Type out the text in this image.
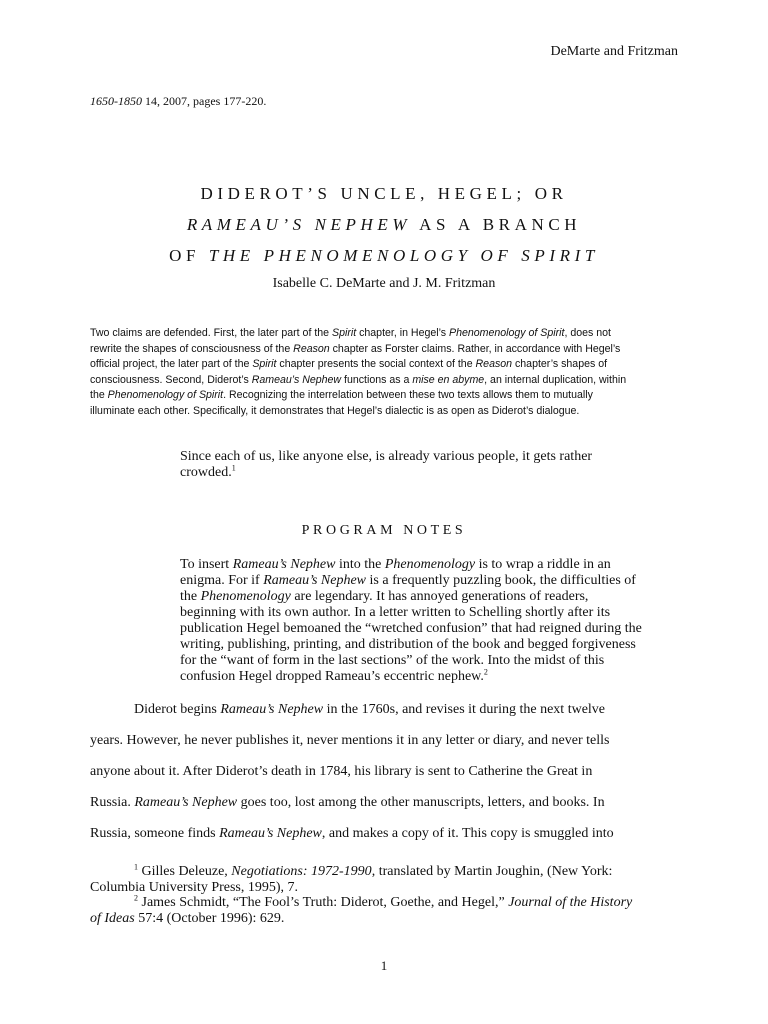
DeMarte and Fritzman
1650-1850 14, 2007, pages 177-220.
DIDEROT’S UNCLE, HEGEL; OR
RAMEAU’S NEPHEW AS A BRANCH
OF THE PHENOMENOLOGY OF SPIRIT
Isabelle C. DeMarte and J. M. Fritzman
Two claims are defended. First, the later part of the Spirit chapter, in Hegel’s Phenomenology of Spirit, does not
rewrite the shapes of consciousness of the Reason chapter as Forster claims. Rather, in accordance with Hegel’s
official project, the later part of the Spirit chapter presents the social context of the Reason chapter’s shapes of
consciousness. Second, Diderot’s Rameau’s Nephew functions as a mise en abyme, an internal duplication, within
the Phenomenology of Spirit. Recognizing the interrelation between these two texts allows them to mutually
illuminate each other. Specifically, it demonstrates that Hegel’s dialectic is as open as Diderot’s dialogue.
Since each of us, like anyone else, is already various people, it gets rather crowded.$^1$
PROGRAM NOTES
To insert Rameau’s Nephew into the Phenomenology is to wrap a riddle in an
enigma. For if Rameau’s Nephew is a frequently puzzling book, the difficulties of
the Phenomenology are legendary. It has annoyed generations of readers,
beginning with its own author. In a letter written to Schelling shortly after its
publication Hegel bemoaned the “wretched confusion” that had reigned during the
writing, publishing, printing, and distribution of the book and begged forgiveness
for the “want of form in the last sections” of the work. Into the midst of this
confusion Hegel dropped Rameau’s eccentric nephew.$^2$
Diderot begins Rameau’s Nephew in the 1760s, and revises it during the next twelve
years. However, he never publishes it, never mentions it in any letter or diary, and never tells
anyone about it. After Diderot’s death in 1784, his library is sent to Catherine the Great in
Russia. Rameau’s Nephew goes too, lost among the other manuscripts, letters, and books. In
Russia, someone finds Rameau’s Nephew, and makes a copy of it. This copy is smuggled into
$^1$ Gilles Deleuze, Negotiations: 1972-1990, translated by Martin Joughin, (New York:
Columbia University Press, 1995), 7.
$^2$ James Schmidt, “The Fool’s Truth: Diderot, Goethe, and Hegel,” Journal of the History
of Ideas 57:4 (October 1996): 629.
1
